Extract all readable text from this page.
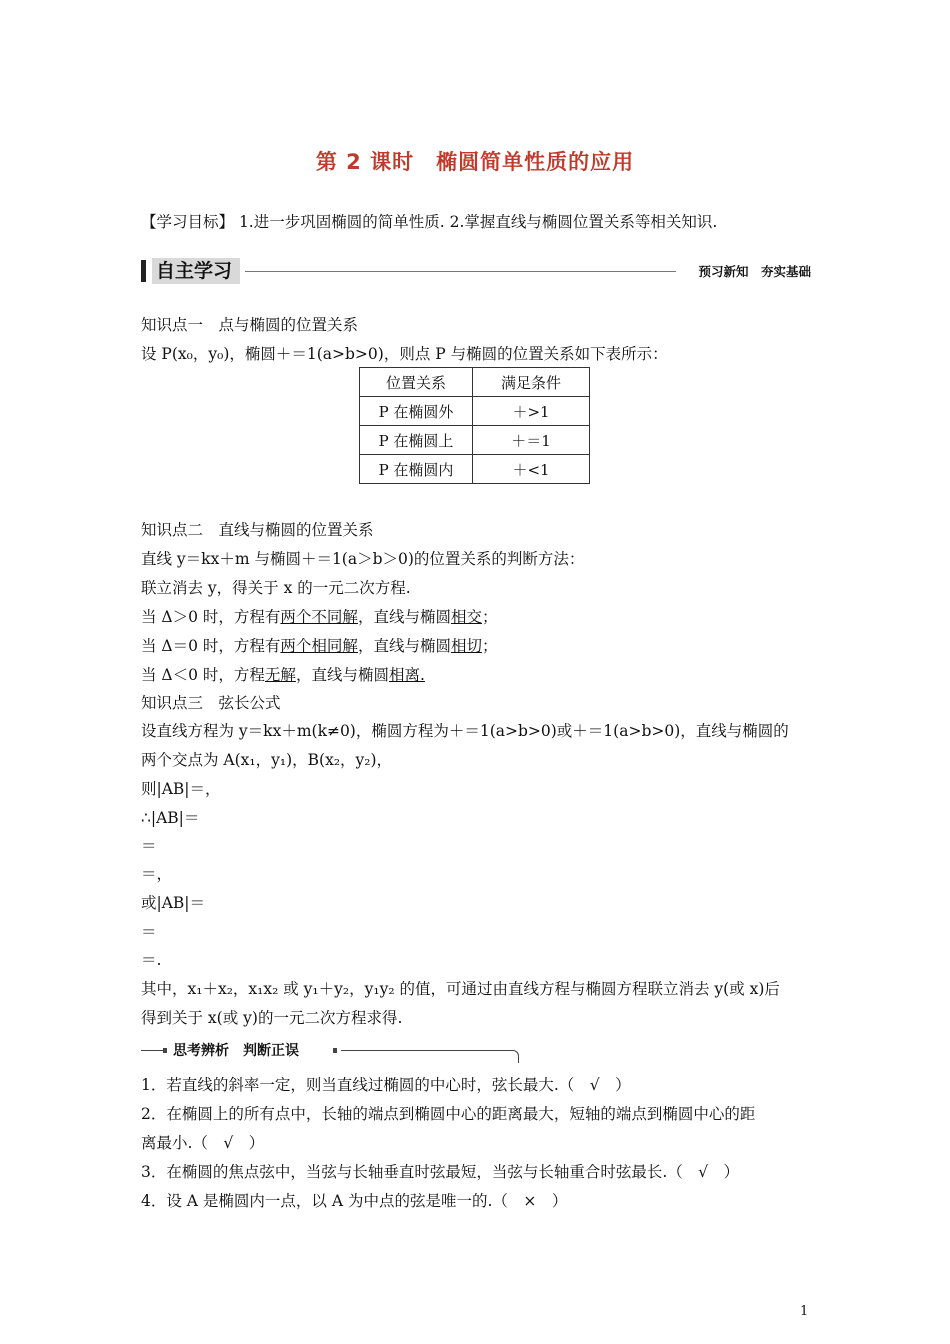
第 2 课时　椭圆简单性质的应用
【学习目标】 1.进一步巩固椭圆的简单性质. 2.掌握直线与椭圆位置关系等相关知识.
自主学习	预习新知　夯实基础
知识点一　点与椭圆的位置关系
设 P(x₀，y₀)，椭圆＋＝1(a>b>0)，则点 P 与椭圆的位置关系如下表所示：
位置关系	满足条件
P 在椭圆外	＋>1
P 在椭圆上	＋＝1
P 在椭圆内	＋<1
知识点二　直线与椭圆的位置关系
直线 y＝kx＋m 与椭圆＋＝1(a＞b＞0)的位置关系的判断方法：
联立消去 y，得关于 x 的一元二次方程.
当 Δ＞0 时，方程有两个不同解，直线与椭圆相交；
当 Δ＝0 时，方程有两个相同解，直线与椭圆相切；
当 Δ＜0 时，方程无解，直线与椭圆相离.
知识点三　弦长公式
设直线方程为 y＝kx＋m(k≠0)，椭圆方程为＋＝1(a>b>0)或＋＝1(a>b>0)，直线与椭圆的
两个交点为 A(x₁，y₁)，B(x₂，y₂)，
则|AB|＝，
∴|AB|＝
＝
＝，
或|AB|＝
＝
＝.
其中，x₁＋x₂，x₁x₂ 或 y₁＋y₂，y₁y₂ 的值，可通过由直线方程与椭圆方程联立消去 y(或 x)后
得到关于 x(或 y)的一元二次方程求得.
思考辨析　判断正误
1．若直线的斜率一定，则当直线过椭圆的中心时，弦长最大.（　√　）
2．在椭圆上的所有点中，长轴的端点到椭圆中心的距离最大，短轴的端点到椭圆中心的距
离最小.（　√　）
3．在椭圆的焦点弦中，当弦与长轴垂直时弦最短，当弦与长轴重合时弦最长.（　√　）
4．设 A 是椭圆内一点，以 A 为中点的弦是唯一的.（　×　）
1
